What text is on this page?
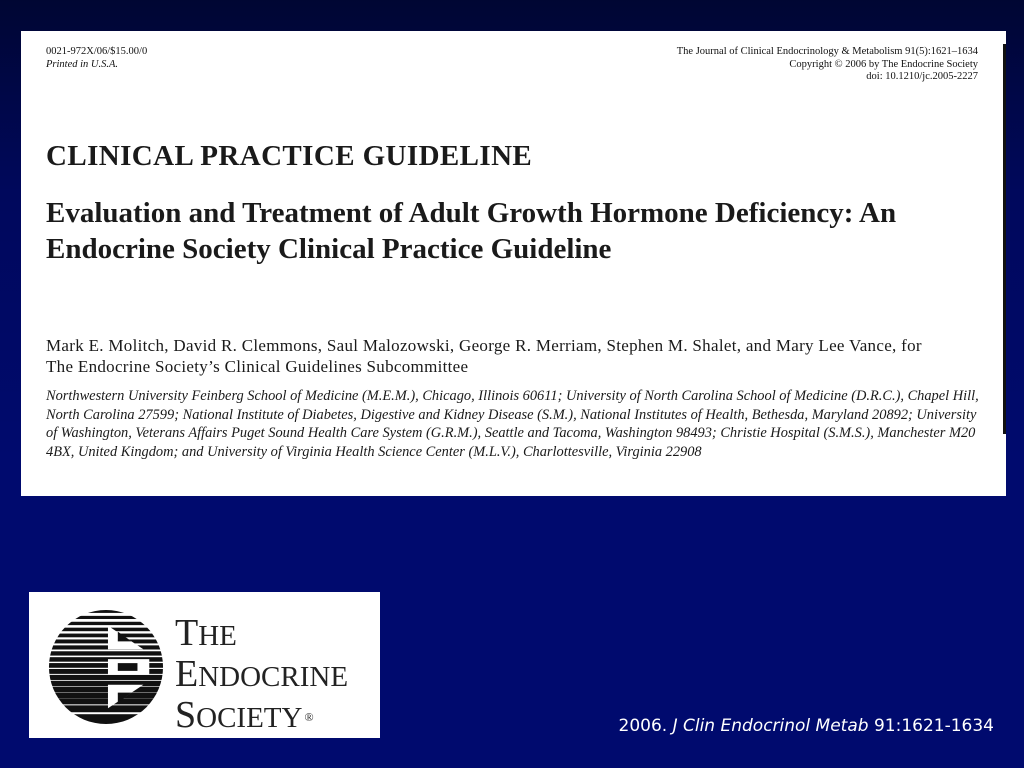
0021-972X/06/$15.00/0
Printed in U.S.A.
The Journal of Clinical Endocrinology & Metabolism 91(5):1621–1634
Copyright © 2006 by The Endocrine Society
doi: 10.1210/jc.2005-2227
CLINICAL PRACTICE GUIDELINE
Evaluation and Treatment of Adult Growth Hormone Deficiency: An Endocrine Society Clinical Practice Guideline
Mark E. Molitch, David R. Clemmons, Saul Malozowski, George R. Merriam, Stephen M. Shalet, and Mary Lee Vance, for The Endocrine Society’s Clinical Guidelines Subcommittee
Northwestern University Feinberg School of Medicine (M.E.M.), Chicago, Illinois 60611; University of North Carolina School of Medicine (D.R.C.), Chapel Hill, North Carolina 27599; National Institute of Diabetes, Digestive and Kidney Disease (S.M.), National Institutes of Health, Bethesda, Maryland 20892; University of Washington, Veterans Affairs Puget Sound Health Care System (G.R.M.), Seattle and Tacoma, Washington 98493; Christie Hospital (S.M.S.), Manchester M20 4BX, United Kingdom; and University of Virginia Health Science Center (M.L.V.), Charlottesville, Virginia 22908
THE
ENDOCRINE
SOCIETY ®	2006. J Clin Endocrinol Metab 91:1621-1634
